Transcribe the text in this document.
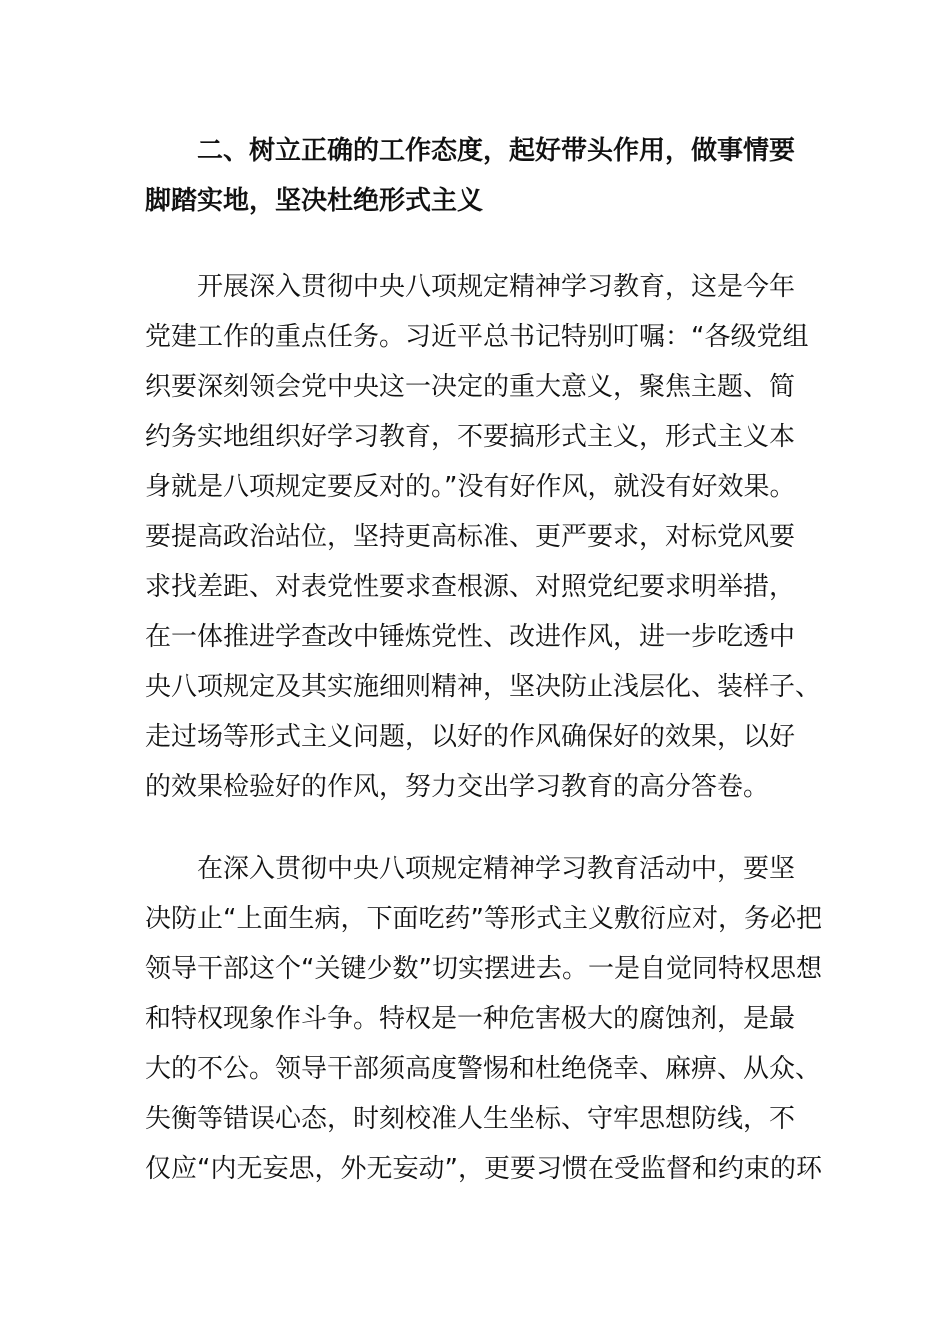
二、树立正确的工作态度，起好带头作用，做事情要
脚踏实地，坚决杜绝形式主义
开展深入贯彻中央八项规定精神学习教育，这是今年
党建工作的重点任务。习近平总书记特别叮嘱：“各级党组
织要深刻领会党中央这一决定的重大意义，聚焦主题、简
约务实地组织好学习教育，不要搞形式主义，形式主义本
身就是八项规定要反对的。”没有好作风，就没有好效果。
要提高政治站位，坚持更高标准、更严要求，对标党风要
求找差距、对表党性要求查根源、对照党纪要求明举措，
在一体推进学查改中锤炼党性、改进作风，进一步吃透中
央八项规定及其实施细则精神，坚决防止浅层化、装样子、
走过场等形式主义问题，以好的作风确保好的效果，以好
的效果检验好的作风，努力交出学习教育的高分答卷。
在深入贯彻中央八项规定精神学习教育活动中，要坚
决防止“上面生病，下面吃药”等形式主义敷衍应对，务必把
领导干部这个“关键少数”切实摆进去。一是自觉同特权思想
和特权现象作斗争。特权是一种危害极大的腐蚀剂，是最
大的不公。领导干部须高度警惕和杜绝侥幸、麻痹、从众、
失衡等错误心态，时刻校准人生坐标、守牢思想防线，不
仅应“内无妄思，外无妄动”，更要习惯在受监督和约束的环
